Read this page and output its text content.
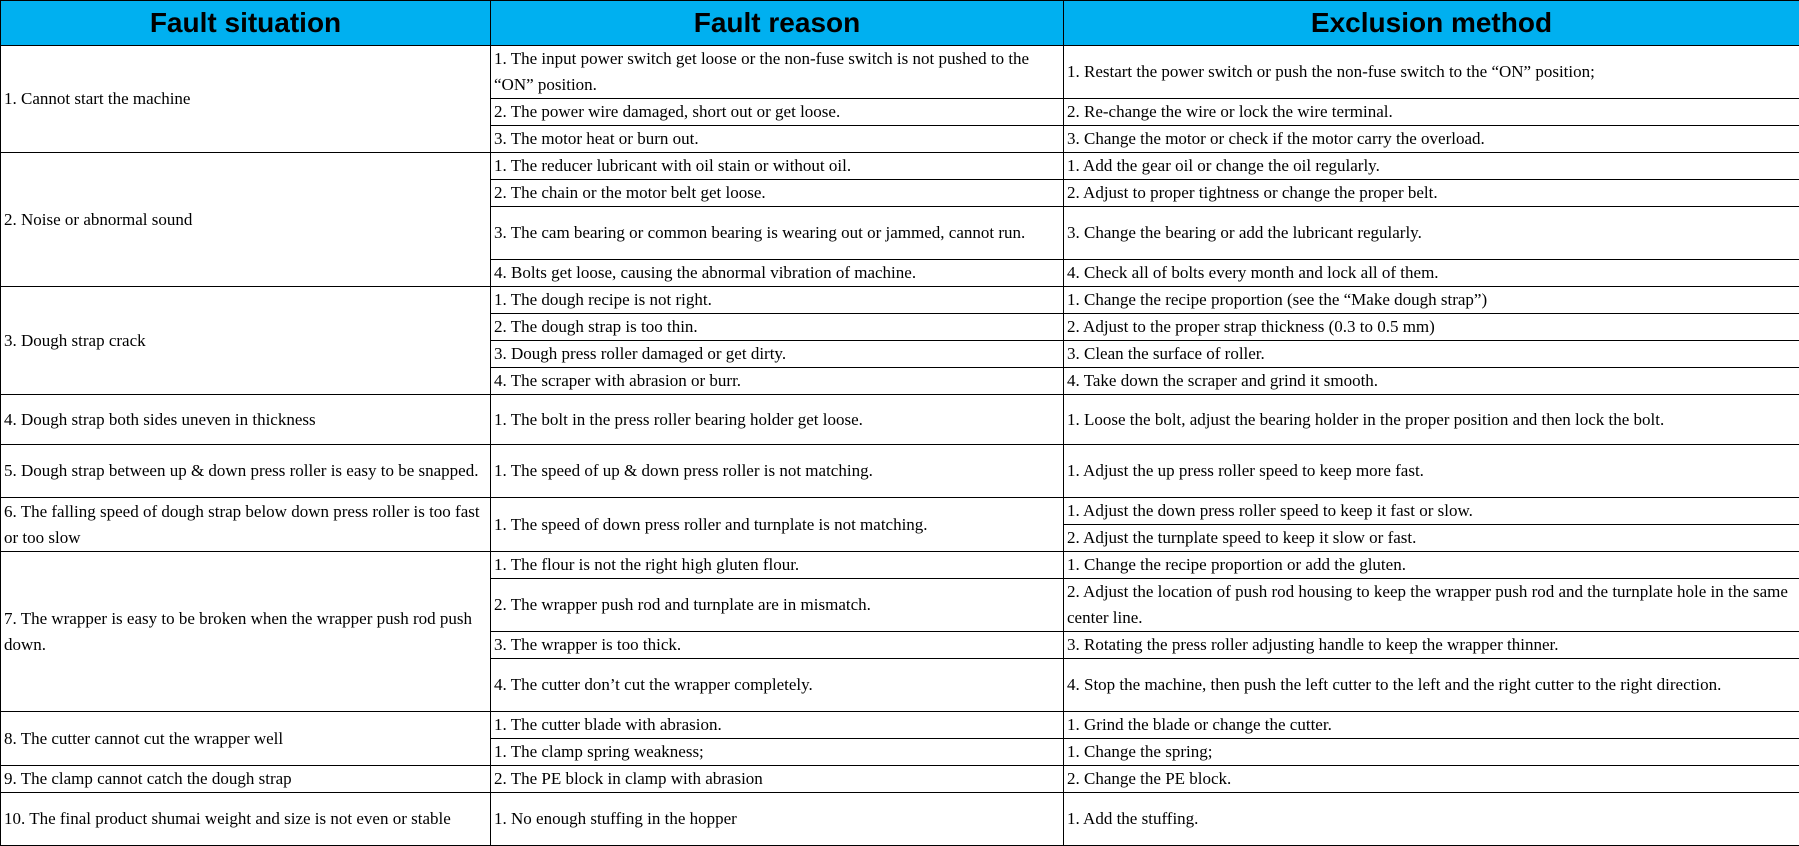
Fault situation	Fault reason	Exclusion method
1. Cannot start the machine	1. The input power switch get loose or the non-fuse switch is not pushed to the “ON” position.	1. Restart the power switch or push the non-fuse switch to the “ON” position;
	2. The power wire damaged, short out or get loose.	2. Re-change the wire or lock the wire terminal.
	3. The motor heat or burn out.	3. Change the motor or check if the motor carry the overload.
2. Noise or abnormal sound	1. The reducer lubricant with oil stain or without oil.	1. Add the gear oil or change the oil regularly.
	2. The chain or the motor belt get loose.	2. Adjust to proper tightness or change the proper belt.
	3. The cam bearing or common bearing is wearing out or jammed, cannot run.	3. Change the bearing or add the lubricant regularly.
	4. Bolts get loose, causing the abnormal vibration of machine.	4. Check all of bolts every month and lock all of them.
3. Dough strap crack	1. The dough recipe is not right.	1. Change the recipe proportion (see the “Make dough strap”)
	2. The dough strap is too thin.	2. Adjust to the proper strap thickness (0.3 to 0.5 mm)
	3. Dough press roller damaged or get dirty.	3. Clean the surface of roller.
	4. The scraper with abrasion or burr.	4. Take down the scraper and grind it smooth.
4. Dough strap both sides uneven in thickness	1. The bolt in the press roller bearing holder get loose.	1. Loose the bolt, adjust the bearing holder in the proper position and then lock the bolt.
5. Dough strap between up & down press roller is easy to be snapped.	1. The speed of up & down press roller is not matching.	1. Adjust the up press roller speed to keep more fast.
6. The falling speed of dough strap below down press roller is too fast or too slow	1. The speed of down press roller and turnplate is not matching.	1. Adjust the down press roller speed to keep it fast or slow.
		2. Adjust the turnplate speed to keep it slow or fast.
7. The wrapper is easy to be broken when the wrapper push rod push down.	1. The flour is not the right high gluten flour.	1. Change the recipe proportion or add the gluten.
	2. The wrapper push rod and turnplate are in mismatch.	2. Adjust the location of push rod housing to keep the wrapper push rod and the turnplate hole in the same center line.
	3. The wrapper is too thick.	3. Rotating the press roller adjusting handle to keep the wrapper thinner.
	4. The cutter don’t cut the wrapper completely.	4. Stop the machine, then push the left cutter to the left and the right cutter to the right direction.
8. The cutter cannot cut the wrapper well	1. The cutter blade with abrasion.	1. Grind the blade or change the cutter.
	1. The clamp spring weakness;	1. Change the spring;
9. The clamp cannot catch the dough strap	2. The PE block in clamp with abrasion	2. Change the PE block.
10. The final product shumai weight and size is not even or stable	1. No enough stuffing in the hopper	1. Add the stuffing.
